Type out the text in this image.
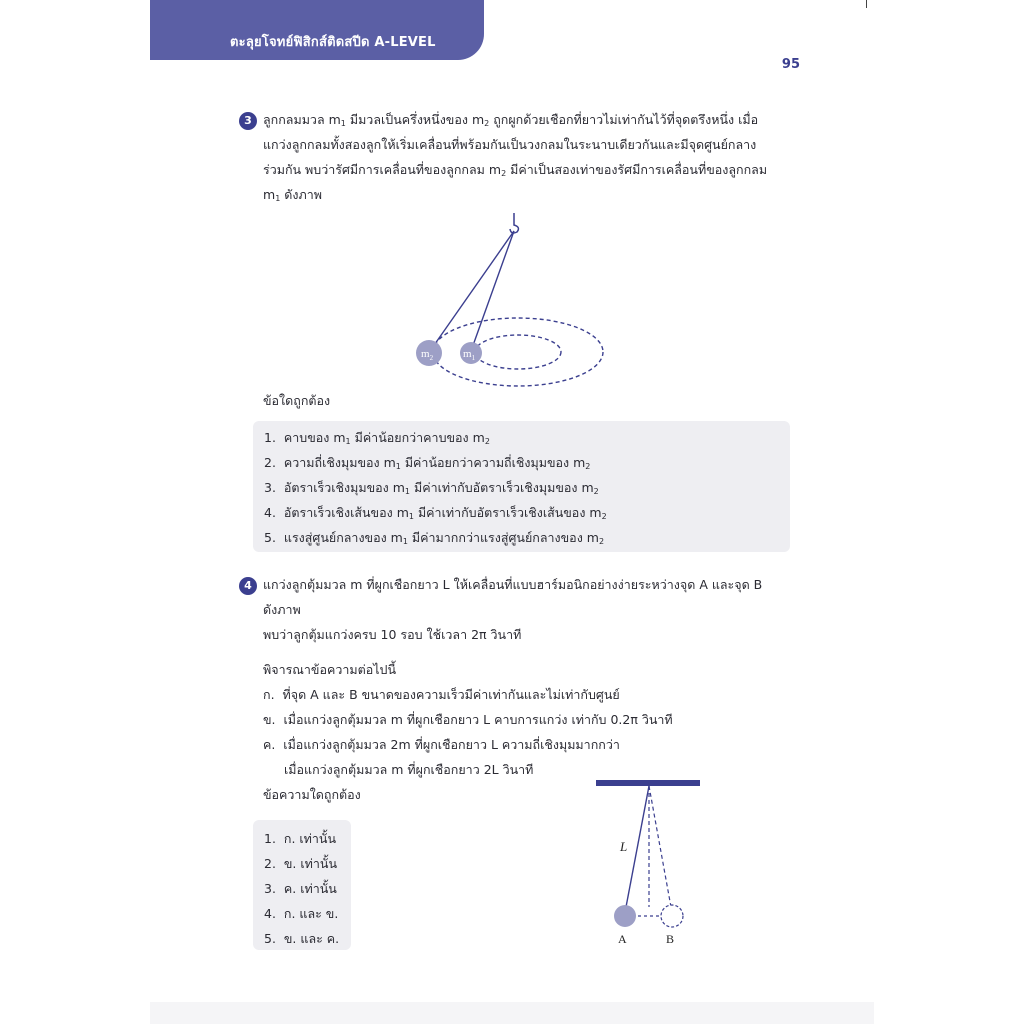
ตะลุยโจทย์ฟิสิกส์ติดสปีด A-LEVEL
95
3 ลูกกลมมวล $m_1$ มีมวลเป็นครึ่งหนึ่งของ $m_2$ ถูกผูกด้วยเชือกที่ยาวไม่เท่ากันไว้ที่จุดตรึงหนึ่ง เมื่อ
แกว่งลูกกลมทั้งสองลูกให้เริ่มเคลื่อนที่พร้อมกันเป็นวงกลมในระนาบเดียวกันและมีจุดศูนย์กลาง
ร่วมกัน พบว่ารัศมีการเคลื่อนที่ของลูกกลม $m_2$ มีค่าเป็นสองเท่าของรัศมีการเคลื่อนที่ของลูกกลม
$m_1$ ดังภาพ
$m_2$	$m_1$
ข้อใดถูกต้อง
1. คาบของ $m_1$ มีค่าน้อยกว่าคาบของ $m_2$
2. ความถี่เชิงมุมของ $m_1$ มีค่าน้อยกว่าความถี่เชิงมุมของ $m_2$
3. อัตราเร็วเชิงมุมของ $m_1$ มีค่าเท่ากับอัตราเร็วเชิงมุมของ $m_2$
4. อัตราเร็วเชิงเส้นของ $m_1$ มีค่าเท่ากับอัตราเร็วเชิงเส้นของ $m_2$
5. แรงสู่ศูนย์กลางของ $m_1$ มีค่ามากกว่าแรงสู่ศูนย์กลางของ $m_2$
4 แกว่งลูกตุ้มมวล m ที่ผูกเชือกยาว L ให้เคลื่อนที่แบบฮาร์มอนิกอย่างง่ายระหว่างจุด A และจุด B
ดังภาพ
พบว่าลูกตุ้มแกว่งครบ 10 รอบ ใช้เวลา 2π วินาที
พิจารณาข้อความต่อไปนี้
ก. ที่จุด A และ B ขนาดของความเร็วมีค่าเท่ากันและไม่เท่ากับศูนย์
ข. เมื่อแกว่งลูกตุ้มมวล m ที่ผูกเชือกยาว L คาบการแกว่ง เท่ากับ 0.2π วินาที
ค. เมื่อแกว่งลูกตุ้มมวล 2m ที่ผูกเชือกยาว L ความถี่เชิงมุมมากกว่า
เมื่อแกว่งลูกตุ้มมวล m ที่ผูกเชือกยาว 2L วินาที
ข้อความใดถูกต้อง
1. ก. เท่านั้น
2. ข. เท่านั้น
3. ค. เท่านั้น
4. ก. และ ข.
5. ข. และ ค.
L
A	B
